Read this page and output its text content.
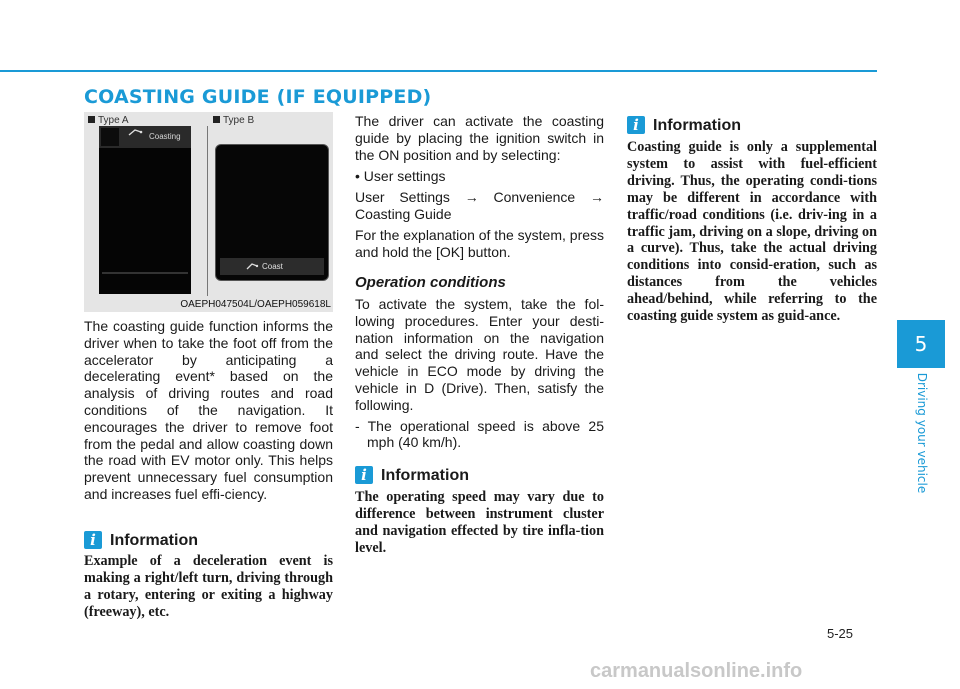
COASTING GUIDE (IF EQUIPPED)
Type A	Type B
Coasting
Coast
OAEPH047504L/OAEPH059618L

The coasting guide function informs the driver when to take the foot off from the accelerator by anticipating a decelerating event* based on the analysis of driving routes and road conditions of the navigation. It encourages the driver to remove foot from the pedal and allow coasting down the road with EV motor only. This helps prevent unnecessary fuel consumption and increases fuel effi-ciency.

i Information
Example of a deceleration event is making a right/left turn, driving through a rotary, entering or exiting a highway (freeway), etc.

The driver can activate the coasting guide by placing the ignition switch in the ON position and by selecting:

• User settings

User Settings → Convenience → Coasting Guide

For the explanation of the system, press and hold the [OK] button.

Operation conditions

To activate the system, take the fol-lowing procedures. Enter your desti-nation information on the navigation and select the driving route. Have the vehicle in ECO mode by driving the vehicle in D (Drive). Then, satisfy the following.

- The operational speed is above 25 mph (40 km/h).

i Information
The operating speed may vary due to difference between instrument cluster and navigation effected by tire infla-tion level.
i Information
Coasting guide is only a supplemental system to assist with fuel-efficient driving. Thus, the operating condi-tions may be different in accordance with traffic/road conditions (i.e. driv-ing in a traffic jam, driving on a slope, driving on a curve). Thus, take the actual driving conditions into consid-eration, such as distances from the vehicles ahead/behind, while referring to the coasting guide system as guid-ance.
5
Driving your vehicle
5-25
carmanualsonline.info
